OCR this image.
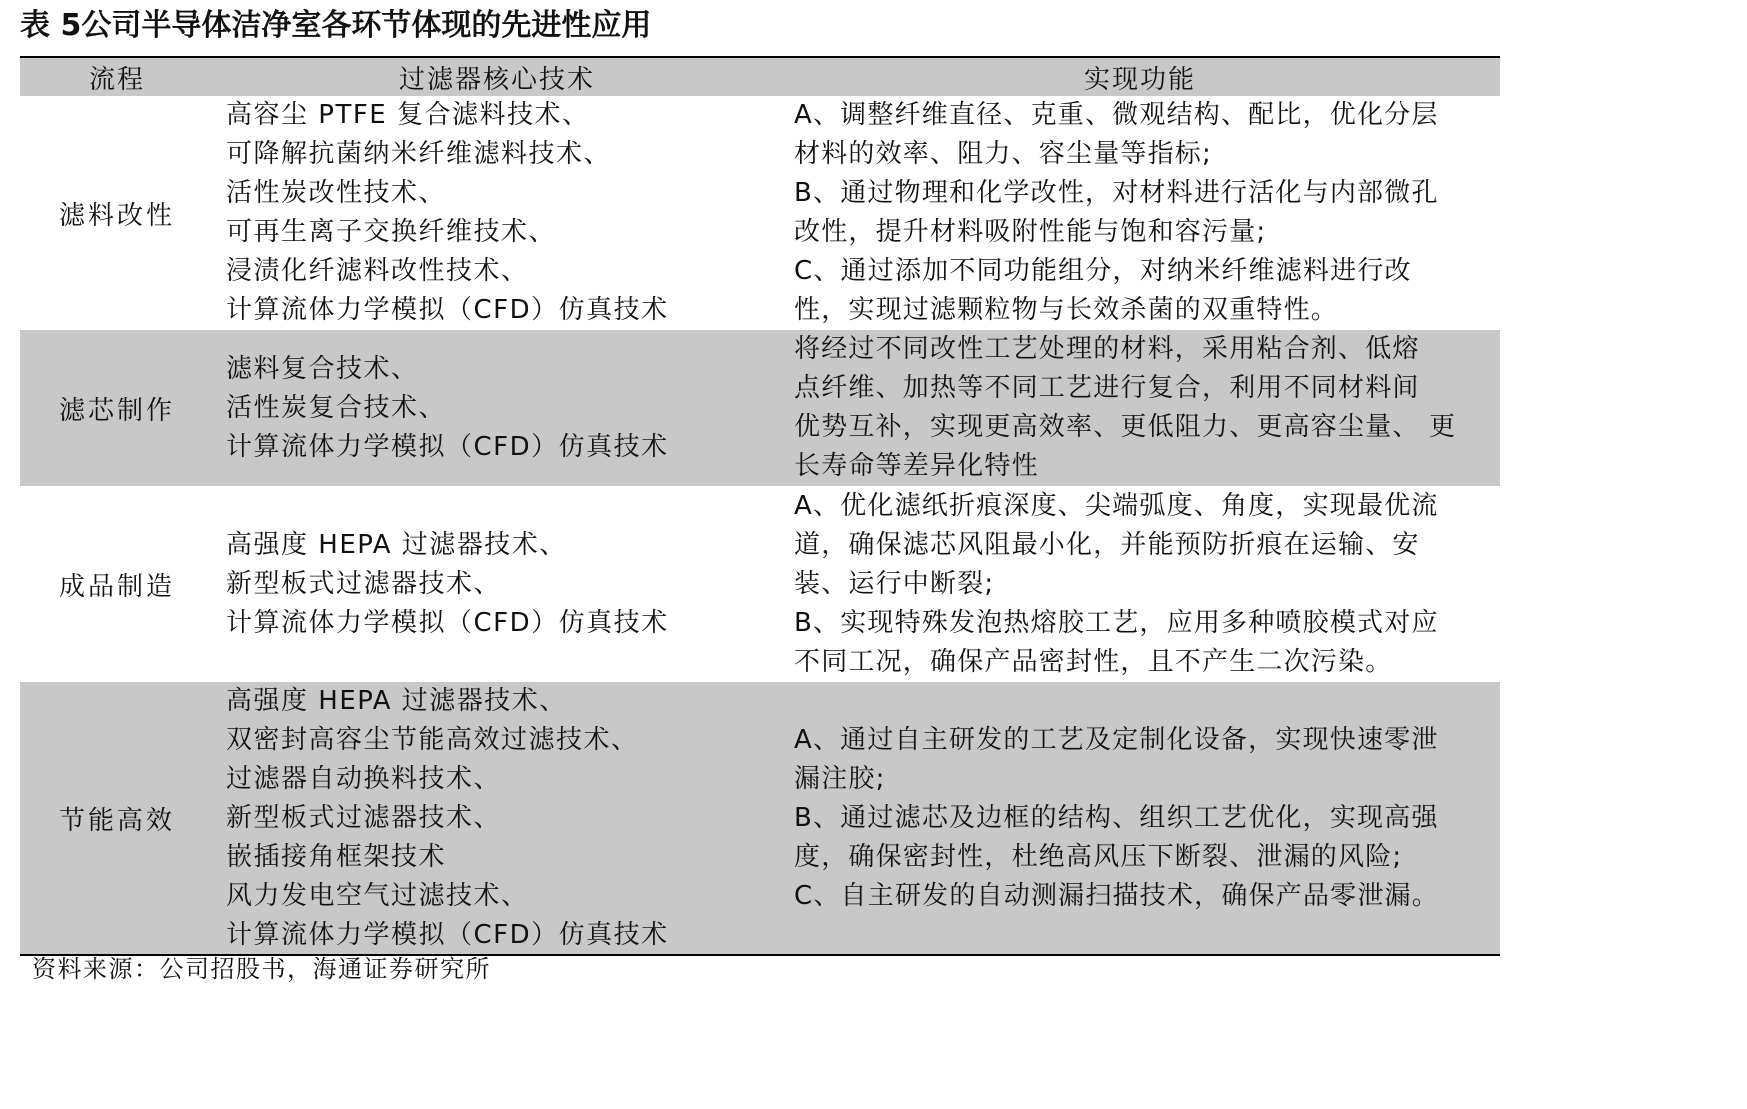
表 5公司半导体洁净室各环节体现的先进性应用
流程	过滤器核心技术	实现功能
滤料改性
高容尘 PTFE 复合滤料技术、
可降解抗菌纳米纤维滤料技术、
活性炭改性技术、
可再生离子交换纤维技术、
浸渍化纤滤料改性技术、
计算流体力学模拟（CFD）仿真技术
A、调整纤维直径、克重、微观结构、配比，优化分层
材料的效率、阻力、容尘量等指标;
B、通过物理和化学改性，对材料进行活化与内部微孔
改性，提升材料吸附性能与饱和容污量;
C、通过添加不同功能组分，对纳米纤维滤料进行改
性，实现过滤颗粒物与长效杀菌的双重特性。
滤芯制作
滤料复合技术、
活性炭复合技术、
计算流体力学模拟（CFD）仿真技术
将经过不同改性工艺处理的材料，采用粘合剂、低熔
点纤维、加热等不同工艺进行复合，利用不同材料间
优势互补，实现更高效率、更低阻力、更高容尘量、 更
长寿命等差异化特性
成品制造
高强度 HEPA 过滤器技术、
新型板式过滤器技术、
计算流体力学模拟（CFD）仿真技术
A、优化滤纸折痕深度、尖端弧度、角度，实现最优流
道，确保滤芯风阻最小化，并能预防折痕在运输、安
装、运行中断裂;
B、实现特殊发泡热熔胶工艺，应用多种喷胶模式对应
不同工况，确保产品密封性，且不产生二次污染。
节能高效
高强度 HEPA 过滤器技术、
双密封高容尘节能高效过滤技术、
过滤器自动换料技术、
新型板式过滤器技术、
嵌插接角框架技术
风力发电空气过滤技术、
计算流体力学模拟（CFD）仿真技术
A、通过自主研发的工艺及定制化设备，实现快速零泄
漏注胶;
B、通过滤芯及边框的结构、组织工艺优化，实现高强
度，确保密封性，杜绝高风压下断裂、泄漏的风险;
C、自主研发的自动测漏扫描技术，确保产品零泄漏。
资料来源：公司招股书，海通证券研究所
